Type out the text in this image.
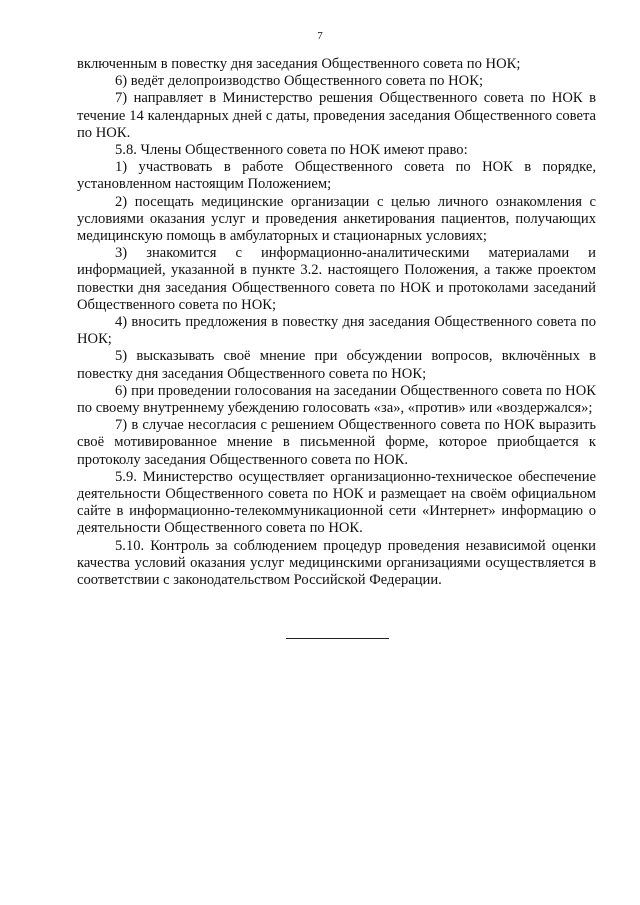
7

включенным в повестку дня заседания Общественного совета по НОК;

6) ведёт делопроизводство Общественного совета по НОК;

7) направляет в Министерство решения Общественного совета по НОК в течение 14 календарных дней с даты, проведения заседания Общественного совета по НОК.

5.8. Члены Общественного совета по НОК имеют право:

1) участвовать в работе Общественного совета по НОК в порядке, установленном настоящим Положением;

2) посещать медицинские организации с целью личного ознакомления с условиями оказания услуг и проведения анкетирования пациентов, получающих медицинскую помощь в амбулаторных и стационарных условиях;

3) знакомится с информационно-аналитическими материалами и информацией, указанной в пункте 3.2. настоящего Положения, а также проектом повестки дня заседания Общественного совета по НОК и протоколами заседаний Общественного совета по НОК;

4) вносить предложения в повестку дня заседания Общественного совета по НОК;

5) высказывать своё мнение при обсуждении вопросов, включённых в повестку дня заседания Общественного совета по НОК;

6) при проведении голосования на заседании Общественного совета по НОК по своему внутреннему убеждению голосовать «за», «против» или «воздержался»;

7) в случае несогласия с решением Общественного совета по НОК выразить своё мотивированное мнение в письменной форме, которое приобщается к протоколу заседания Общественного совета по НОК.

5.9. Министерство осуществляет организационно-техническое обеспечение деятельности Общественного совета по НОК и размещает на своём официальном сайте в информационно-телекоммуникационной сети «Интернет» информацию о деятельности Общественного совета по НОК.

5.10. Контроль за соблюдением процедур проведения независимой оценки качества условий оказания услуг медицинскими организациями осуществляется в соответствии с законодательством Российской Федерации.
